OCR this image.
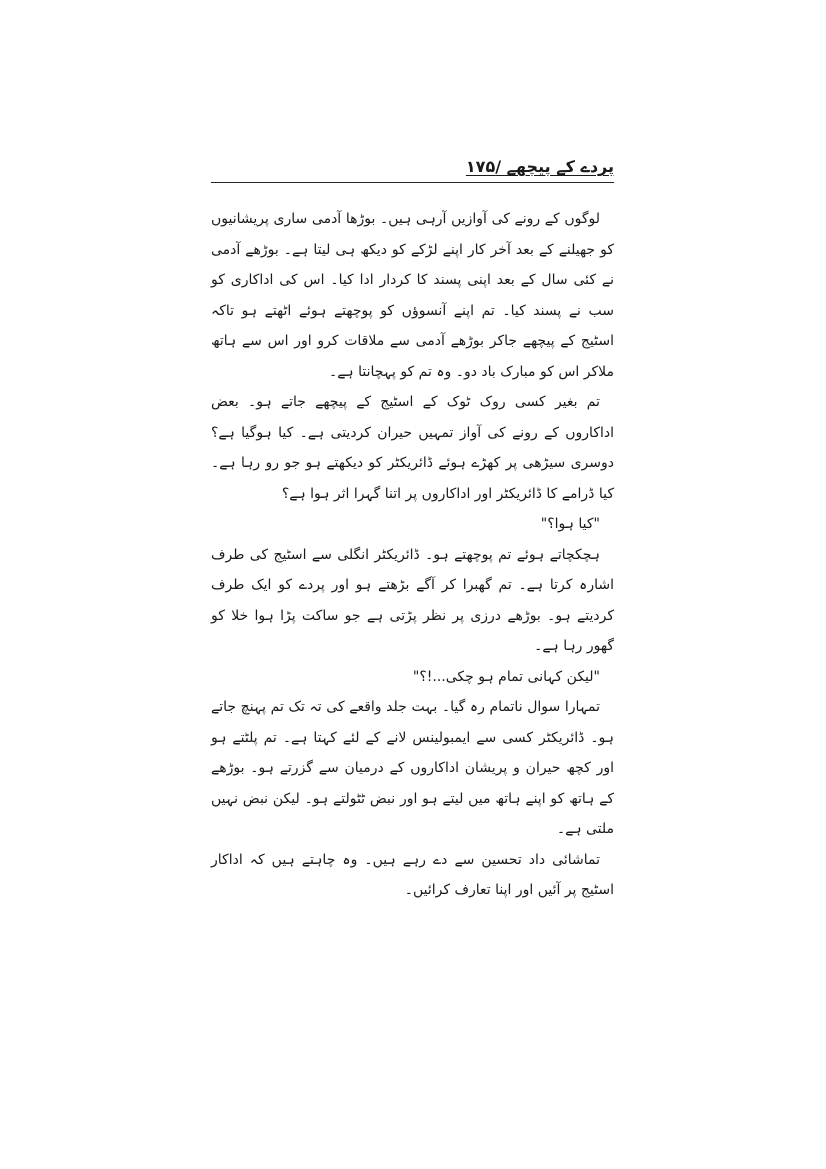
پردے کے پیچھے /۱۷۵

لوگوں کے رونے کی آوازیں آرہی ہیں۔ بوڑھا آدمی ساری پریشانیوں کو جھیلنے کے بعد آخر کار اپنے لڑکے کو دیکھ ہی لیتا ہے۔ بوڑھے آدمی نے کئی سال کے بعد اپنی پسند کا کردار ادا کیا۔ اس کی اداکاری کو سب نے پسند کیا۔ تم اپنے آنسوؤں کو پوچھتے ہوئے اٹھتے ہو تاکہ اسٹیج کے پیچھے جاکر بوڑھے آدمی سے ملاقات کرو اور اس سے ہاتھ ملاکر اس کو مبارک باد دو۔ وہ تم کو پہچانتا ہے۔

تم بغیر کسی روک ٹوک کے اسٹیج کے پیچھے جاتے ہو۔ بعض اداکاروں کے رونے کی آواز تمہیں حیران کردیتی ہے۔ کیا ہوگیا ہے؟ دوسری سیڑھی پر کھڑے ہوئے ڈائریکٹر کو دیکھتے ہو جو رو رہا ہے۔ کیا ڈرامے کا ڈائریکٹر اور اداکاروں پر اتنا گہرا اثر ہوا ہے؟

"کیا ہوا؟"

ہچکچاتے ہوئے تم پوچھتے ہو۔ ڈائریکٹر انگلی سے اسٹیج کی طرف اشارہ کرتا ہے۔ تم گھبرا کر آگے بڑھتے ہو اور پردے کو ایک طرف کردیتے ہو۔ بوڑھے درزی پر نظر پڑتی ہے جو ساکت پڑا ہوا خلا کو گھور رہا ہے۔

"لیکن کہانی تمام ہو چکی...!؟"

تمہارا سوال ناتمام رہ گیا۔ بہت جلد واقعے کی تہ تک تم پہنچ جاتے ہو۔ ڈائریکٹر کسی سے ایمبولینس لانے کے لئے کہتا ہے۔ تم پلٹتے ہو اور کچھ حیران و پریشان اداکاروں کے درمیان سے گزرتے ہو۔ بوڑھے کے ہاتھ کو اپنے ہاتھ میں لیتے ہو اور نبض ٹٹولتے ہو۔ لیکن نبض نہیں ملتی ہے۔

تماشائی داد تحسین سے دے رہے ہیں۔ وہ چاہتے ہیں کہ اداکار اسٹیج پر آئیں اور اپنا تعارف کرائیں۔
